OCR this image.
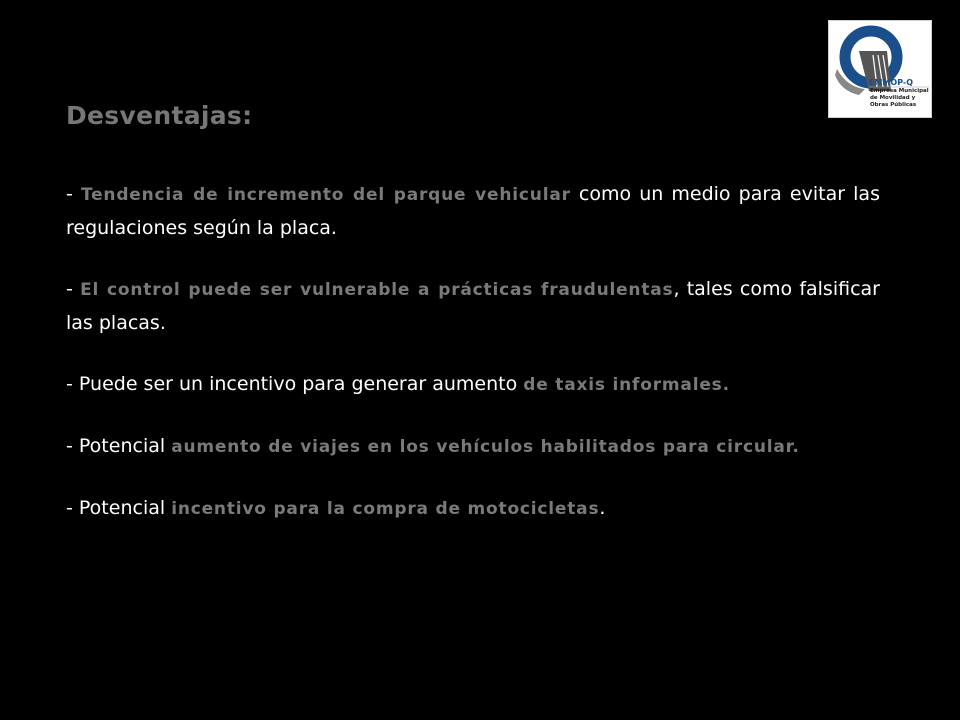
EMMOP-Q
Empresa Municipal
de Movilidad y
Obras Públicas
Desventajas:
- Tendencia de incremento del parque vehicular como un medio para evitar las regulaciones según la placa.
- El control puede ser vulnerable a prácticas fraudulentas, tales como falsificar las placas.
- Puede ser un incentivo para generar aumento de taxis informales.
- Potencial aumento de viajes en los vehículos habilitados para circular.
- Potencial incentivo para la compra de motocicletas.
